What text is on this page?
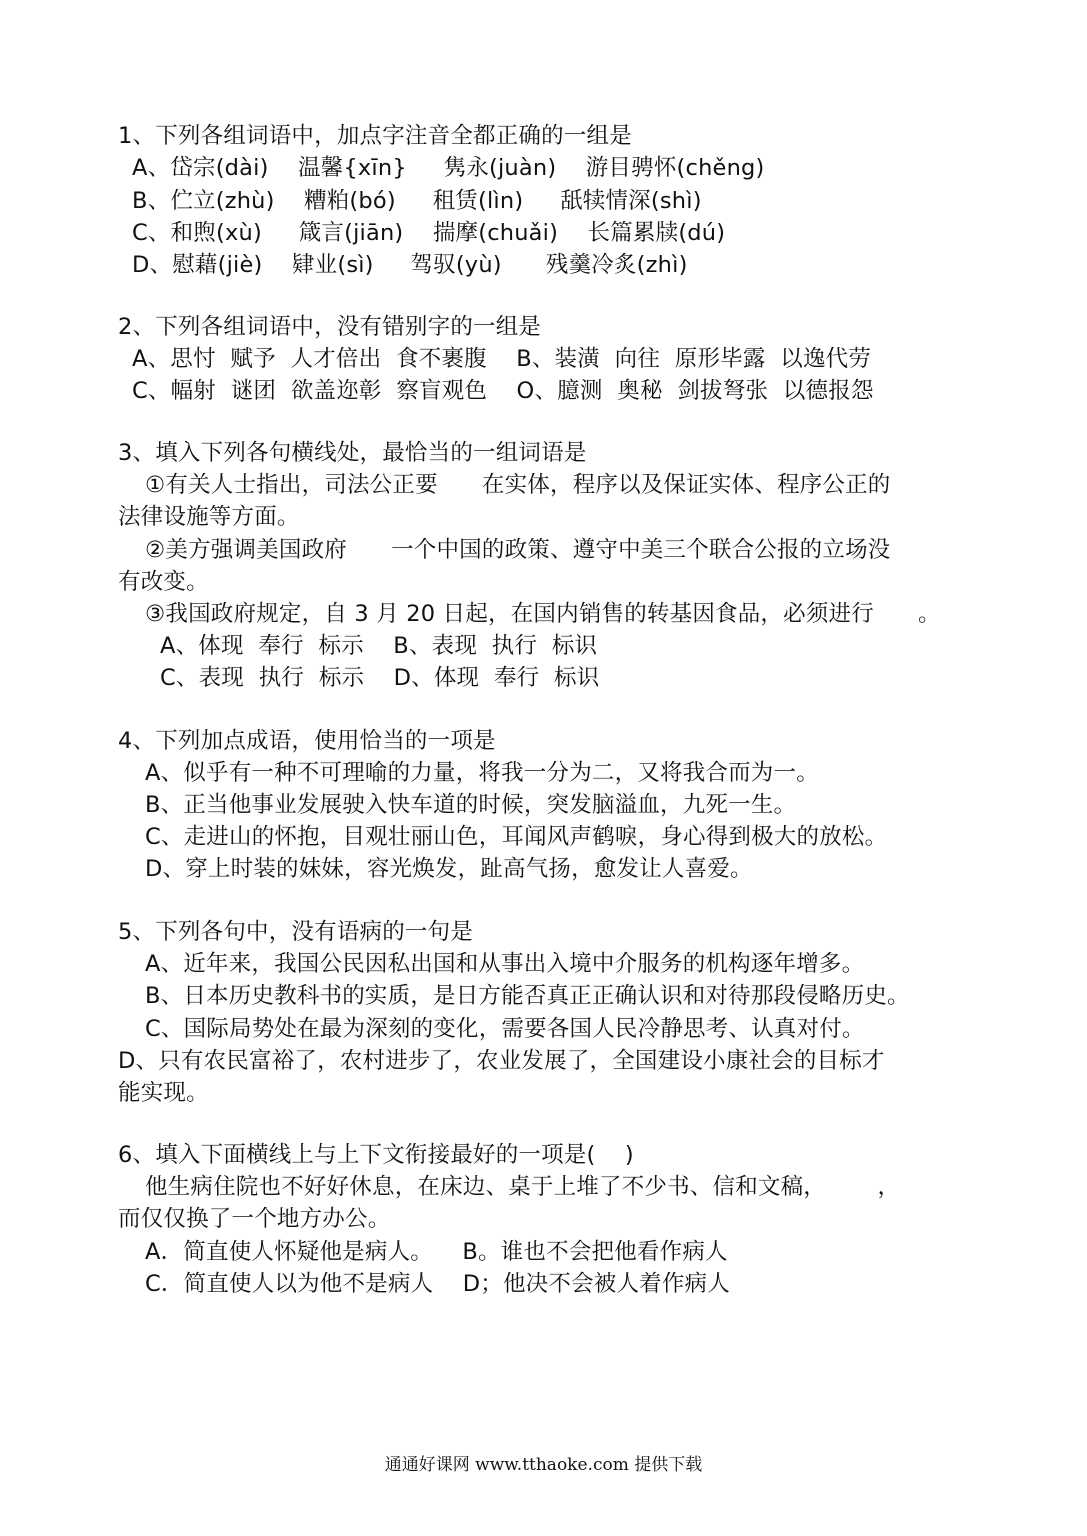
1、下列各组词语中，加点字注音全都正确的一组是
A、岱宗(dài)    温馨{xīn}     隽永(juàn)    游目骋怀(chěng)
B、伫立(zhù)    糟粕(bó)     租赁(lìn)     舐犊情深(shì)
C、和煦(xù)     箴言(jiān)    揣摩(chuǎi)    长篇累牍(dú)
D、慰藉(jiè)    肄业(sì)     驾驭(yù)      残羹冷炙(zhì)
2、下列各组词语中，没有错别字的一组是
A、思忖  赋予  人才倍出  食不裹腹    B、装潢  向往  原形毕露  以逸代劳
C、幅射  谜团  欲盖迩彰  察盲观色    O、臆测  奥秘  剑拔弩张  以德报怨
3、填入下列各句横线处，最恰当的一组词语是
①有关人士指出，司法公正要      在实体，程序以及保证实体、程序公正的
法律设施等方面。
②美方强调美国政府      一个中国的政策、遵守中美三个联合公报的立场没
有改变。
③我国政府规定，自 3 月 20 日起，在国内销售的转基因食品，必须进行      。
A、体现  奉行  标示    B、表现  执行  标识
C、表现  执行  标示    D、体现  奉行  标识
4、下列加点成语，使用恰当的一项是
A、似乎有一种不可理喻的力量，将我一分为二，又将我合而为一。
B、正当他事业发展驶入快车道的时候，突发脑溢血，九死一生。
C、走进山的怀抱，目观壮丽山色，耳闻风声鹤唳，身心得到极大的放松。
D、穿上时装的妹妹，容光焕发，趾高气扬，愈发让人喜爱。
5、下列各句中，没有语病的一句是
A、近年来，我国公民因私出国和从事出入境中介服务的机构逐年增多。
B、日本历史教科书的实质，是日方能否真正正确认识和对待那段侵略历史。
C、国际局势处在最为深刻的变化，需要各国人民冷静思考、认真对付。
D、只有农民富裕了，农村进步了，农业发展了，全国建设小康社会的目标才
能实现。
6、填入下面横线上与上下文衔接最好的一项是(    )
他生病住院也不好好休息，在床边、桌于上堆了不少书、信和文稿，       ，
而仅仅换了一个地方办公。
A．简直使人怀疑他是病人。    B。谁也不会把他看作病人
C．简直使人以为他不是病人    D；他决不会被人着作病人
通通好课网 www.tthaoke.com 提供下载
